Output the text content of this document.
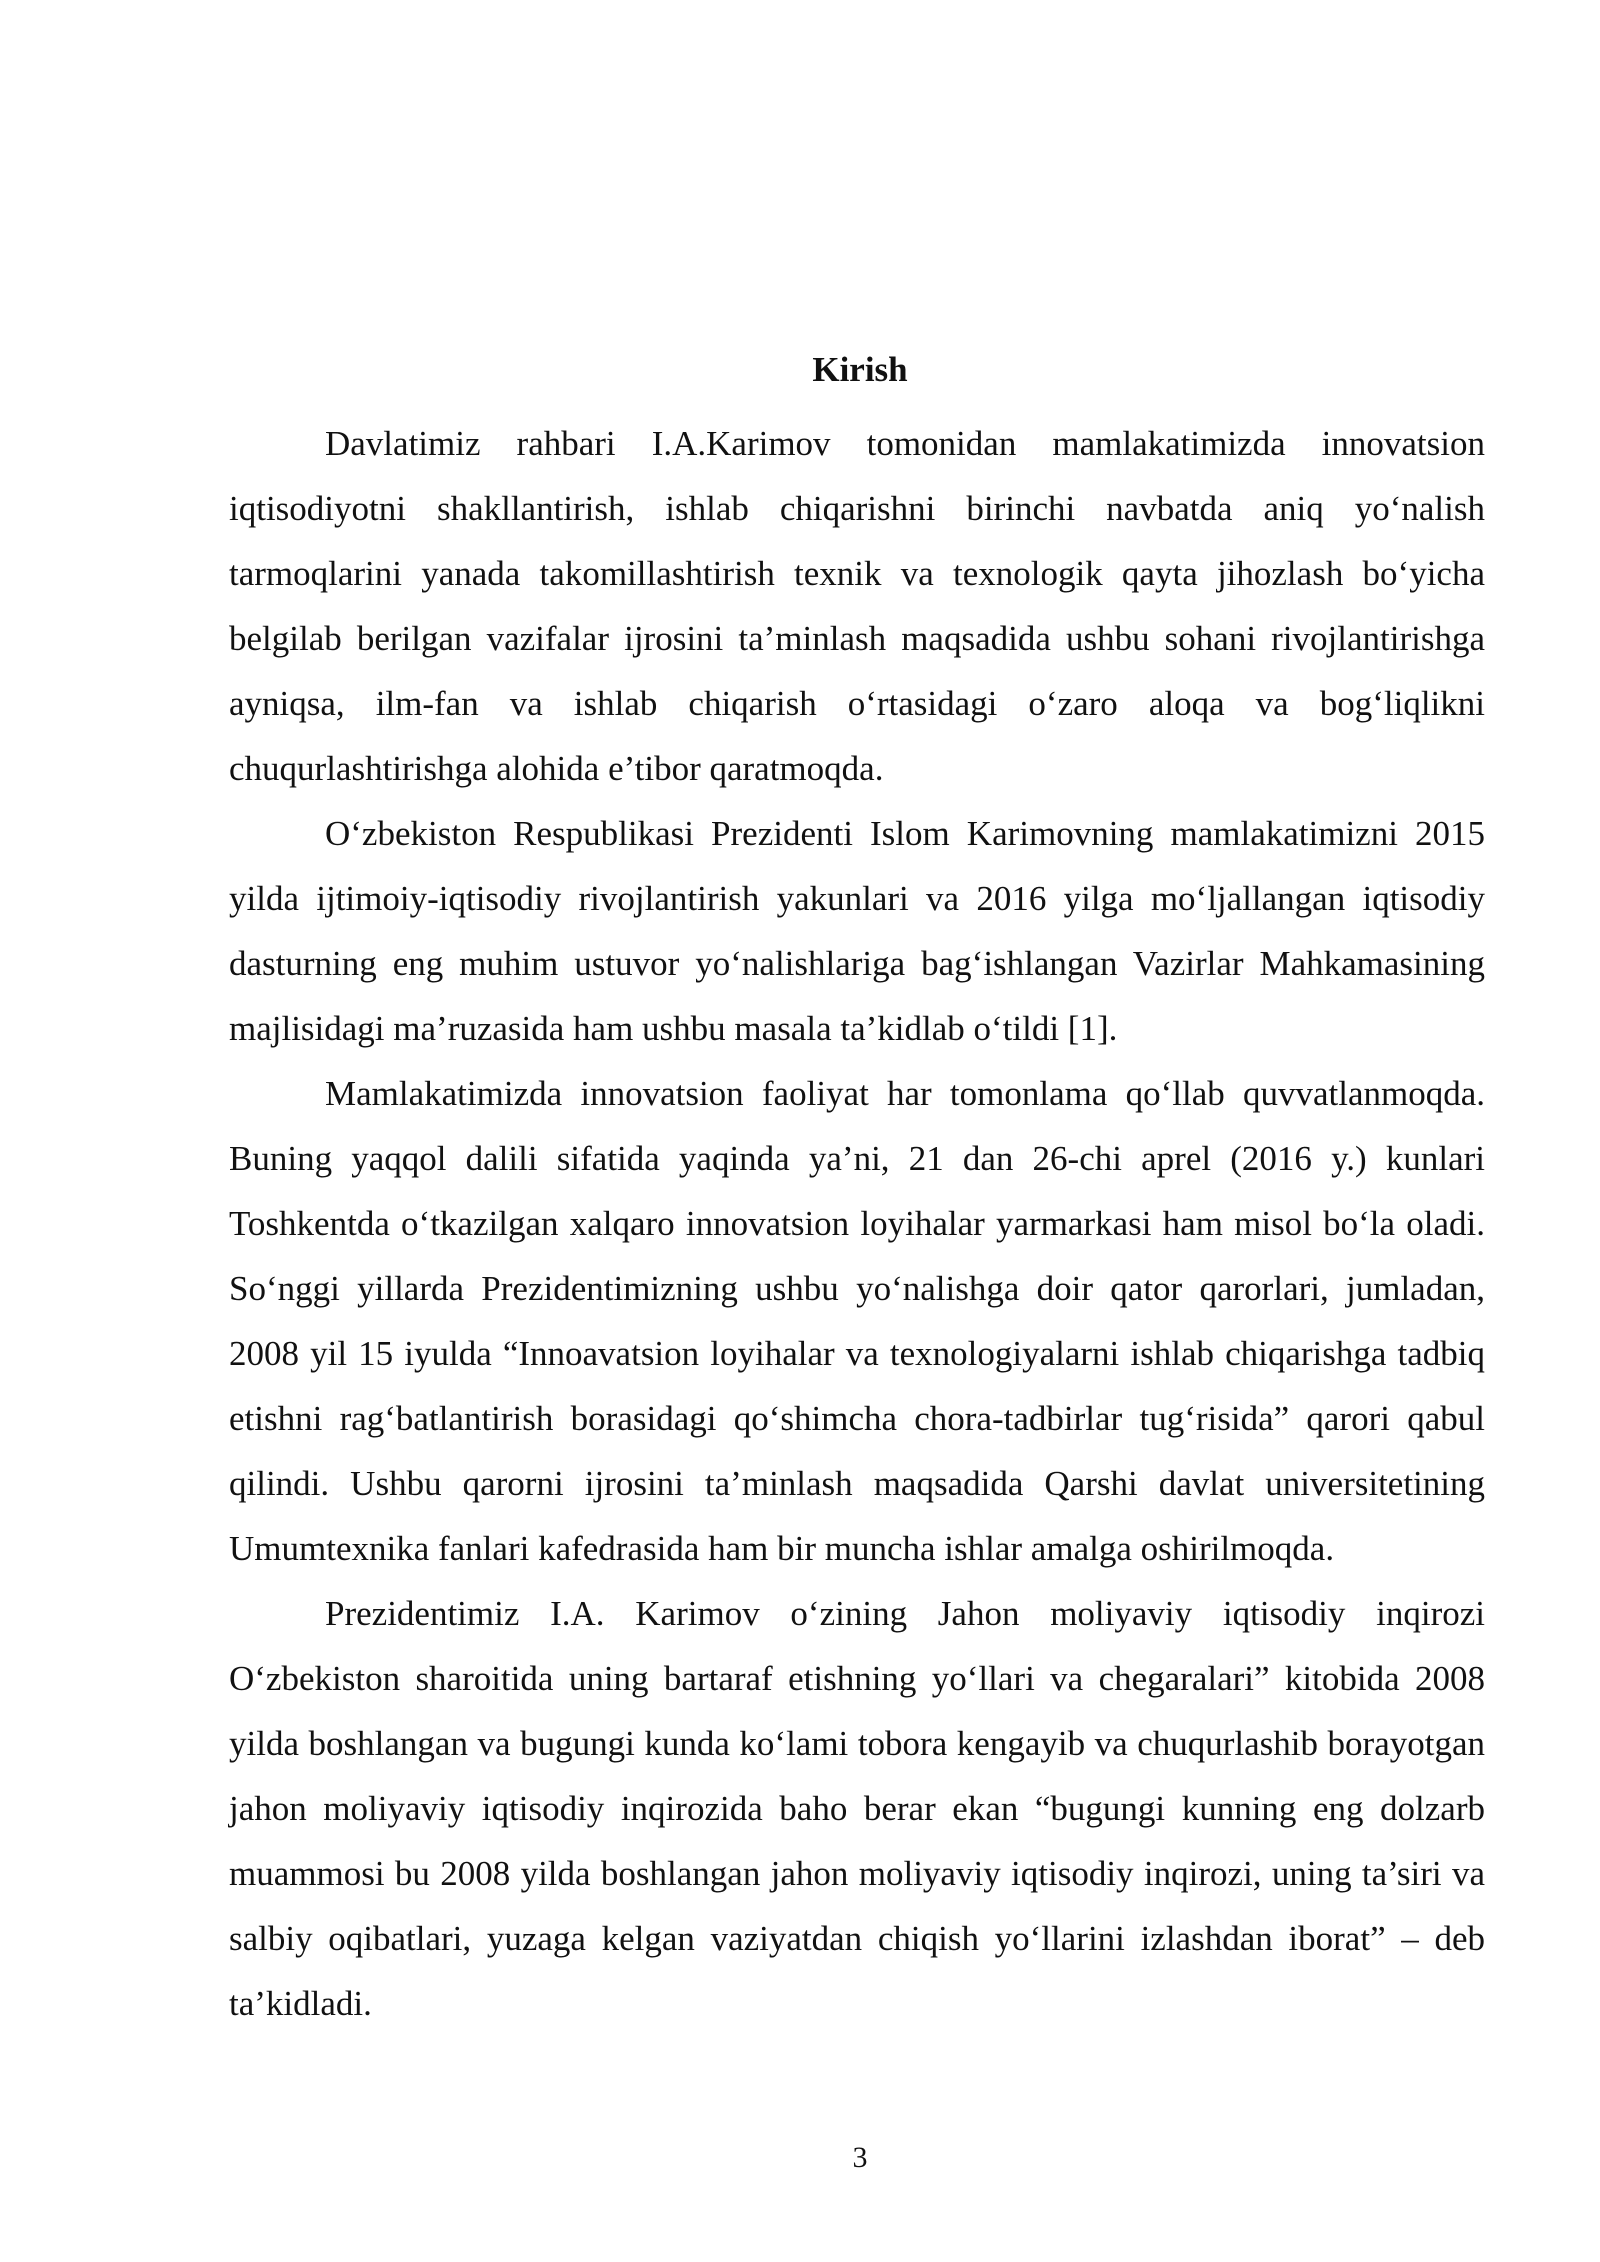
Kirish

Davlatimiz rahbari I.A.Karimov tomonidan mamlakatimizda innovatsion iqtisodiyotni shakllantirish, ishlab chiqarishni birinchi navbatda aniq yo‘nalish tarmoqlarini yanada takomillashtirish texnik va texnologik qayta jihozlash bo‘yicha belgilab berilgan vazifalar ijrosini ta’minlash maqsadida ushbu sohani rivojlantirishga ayniqsa, ilm-fan va ishlab chiqarish o‘rtasidagi o‘zaro aloqa va bog‘liqlikni chuqurlashtirishga alohida e’tibor qaratmoqda.

O‘zbekiston Respublikasi Prezidenti Islom Karimovning mamlakatimizni 2015 yilda ijtimoiy-iqtisodiy rivojlantirish yakunlari va 2016 yilga mo‘ljallangan iqtisodiy dasturning eng muhim ustuvor yo‘nalishlariga bag‘ishlangan Vazirlar Mahkamasining majlisidagi ma’ruzasida ham ushbu masala ta’kidlab o‘tildi [1].

Mamlakatimizda innovatsion faoliyat har tomonlama qo‘llab quvvatlanmoqda. Buning yaqqol dalili sifatida yaqinda ya’ni, 21 dan 26-chi aprel (2016 y.) kunlari Toshkentda o‘tkazilgan xalqaro innovatsion loyihalar yarmarkasi ham misol bo‘la oladi. So‘nggi yillarda Prezidentimizning ushbu yo‘nalishga doir qator qarorlari, jumladan, 2008 yil 15 iyulda “Innoavatsion loyihalar va texnologiyalarni ishlab chiqarishga tadbiq etishni rag‘batlantirish borasidagi qo‘shimcha chora-tadbirlar tug‘risida” qarori qabul qilindi. Ushbu qarorni ijrosini ta’minlash maqsadida Qarshi davlat universitetining Umumtexnika fanlari kafedrasida ham bir muncha ishlar amalga oshirilmoqda.

Prezidentimiz I.A. Karimov o‘zining Jahon moliyaviy iqtisodiy inqirozi O‘zbekiston sharoitida uning bartaraf etishning yo‘llari va chegaralari” kitobida 2008 yilda boshlangan va bugungi kunda ko‘lami tobora kengayib va chuqurlashib borayotgan jahon moliyaviy iqtisodiy inqirozida baho berar ekan “bugungi kunning eng dolzarb muammosi bu 2008 yilda boshlangan jahon moliyaviy iqtisodiy inqirozi, uning ta’siri va salbiy oqibatlari, yuzaga kelgan vaziyatdan chiqish yo‘llarini izlashdan iborat” – deb ta’kidladi.

3
